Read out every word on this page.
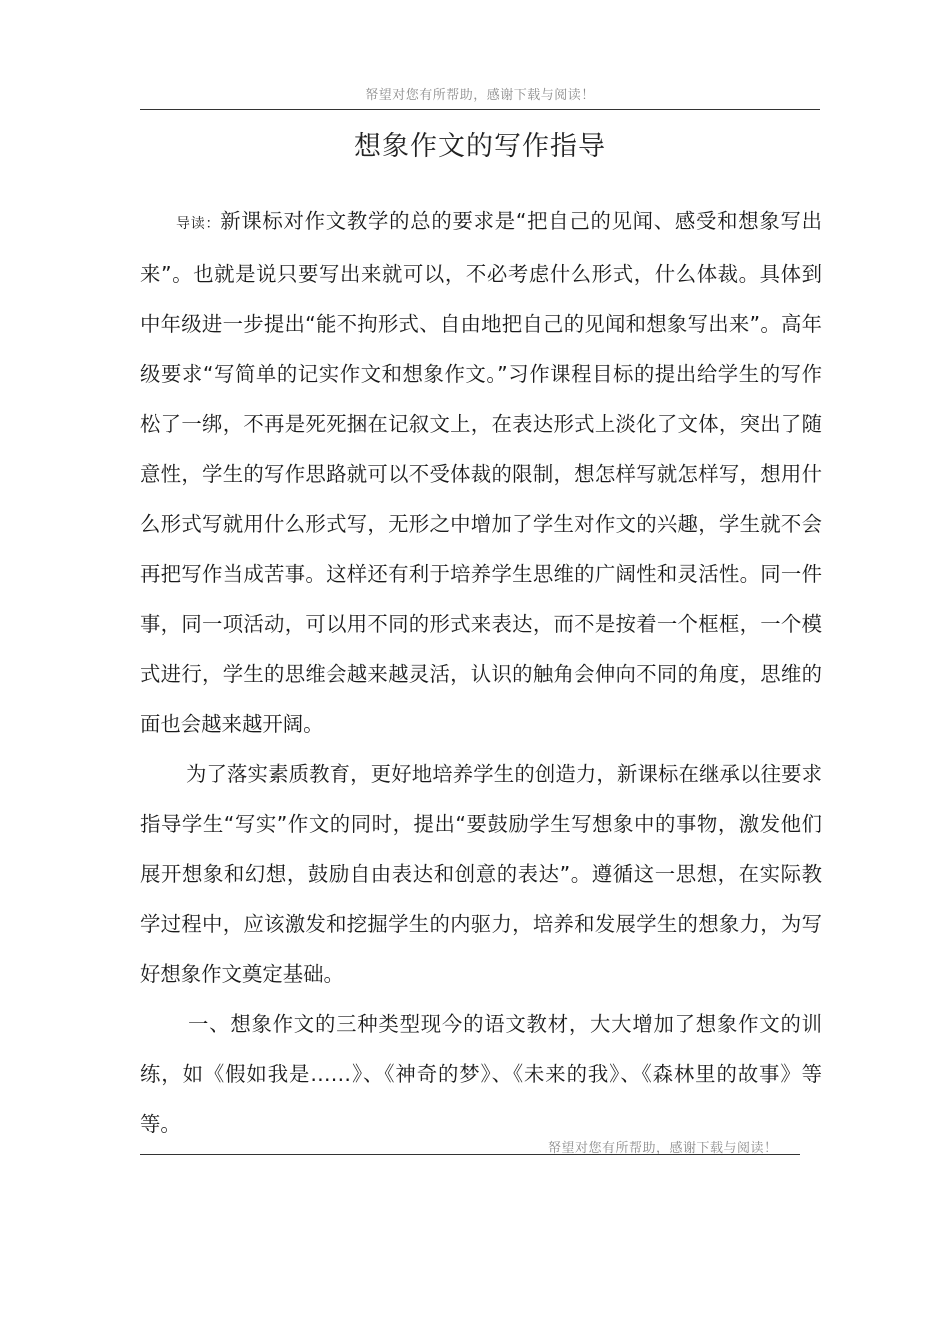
帑望对您有所帮助，感谢下载与阅读！
想象作文的写作指导

导读：新课标对作文教学的总的要求是“把自己的见闻、感受和想象写出来”。也就是说只要写出来就可以，不必考虑什么形式，什么体裁。具体到中年级进一步提出“能不拘形式、自由地把自己的见闻和想象写出来”。高年级要求“写简单的记实作文和想象作文。”习作课程目标的提出给学生的写作松了一绑，不再是死死捆在记叙文上，在表达形式上淡化了文体，突出了随意性，学生的写作思路就可以不受体裁的限制，想怎样写就怎样写，想用什么形式写就用什么形式写，无形之中增加了学生对作文的兴趣，学生就不会再把写作当成苦事。这样还有利于培养学生思维的广阔性和灵活性。同一件事，同一项活动，可以用不同的形式来表达，而不是按着一个框框，一个模式进行，学生的思维会越来越灵活，认识的触角会伸向不同的角度，思维的面也会越来越开阔。

为了落实素质教育，更好地培养学生的创造力，新课标在继承以往要求指导学生“写实”作文的同时，提出“要鼓励学生写想象中的事物，激发他们展开想象和幻想，鼓励自由表达和创意的表达”。遵循这一思想，在实际教学过程中，应该激发和挖掘学生的内驱力，培养和发展学生的想象力，为写好想象作文奠定基础。

一、想象作文的三种类型现今的语文教材，大大增加了想象作文的训练，如《假如我是……》、《神奇的梦》、《未来的我》、《森林里的故事》等等。

帑望对您有所帮助，感谢下载与阅读！
